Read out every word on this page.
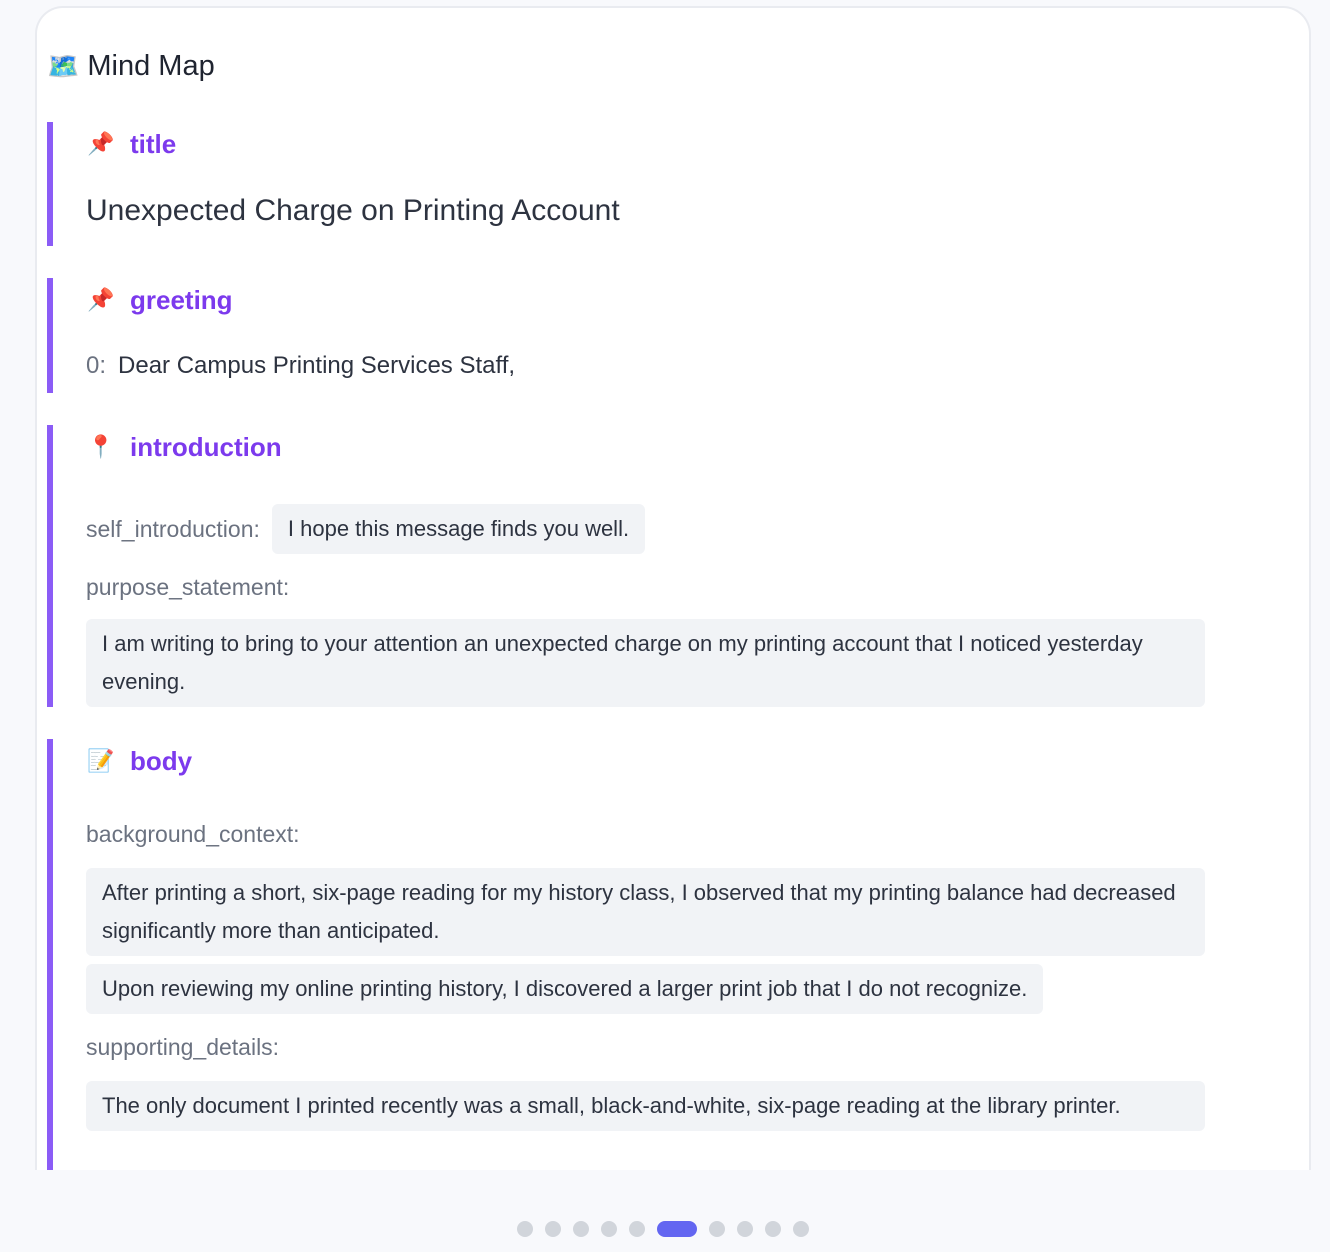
🗺️ Mind Map
📌 title
Unexpected Charge on Printing Account
📌 greeting
0: Dear Campus Printing Services Staff,
📍 introduction
self_introduction:	I hope this message finds you well.
purpose_statement:
I am writing to bring to your attention an unexpected charge on my printing account that I noticed yesterday evening.
📝 body
background_context:
After printing a short, six-page reading for my history class, I observed that my printing balance had decreased significantly more than anticipated.
Upon reviewing my online printing history, I discovered a larger print job that I do not recognize.
supporting_details:
The only document I printed recently was a small, black-and-white, six-page reading at the library printer.
